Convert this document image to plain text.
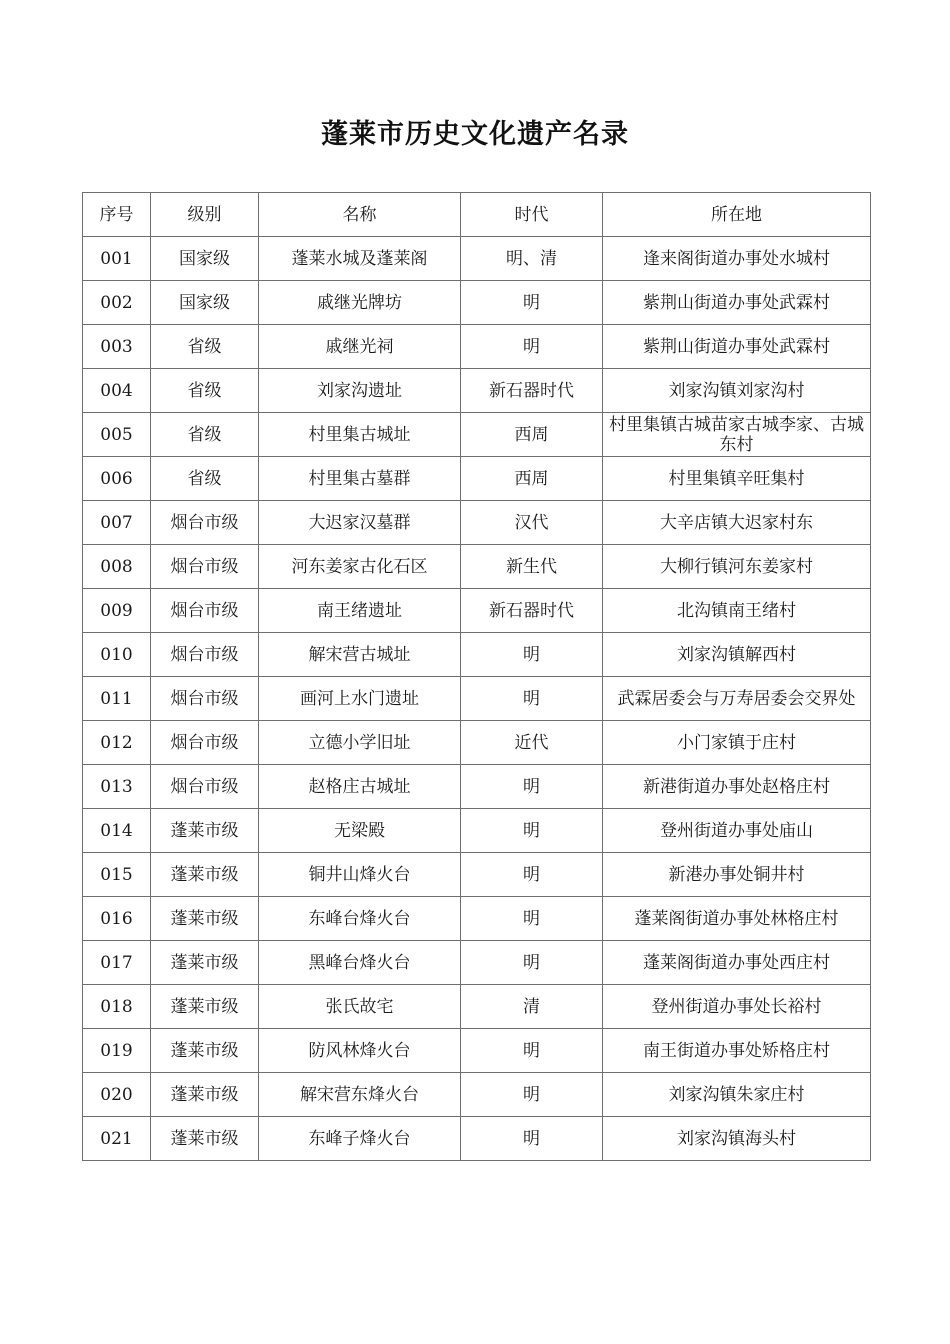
蓬莱市历史文化遗产名录
序号	级别	名称	时代	所在地
001	国家级	蓬莱水城及蓬莱阁	明、清	逢来阁街道办事处水城村
002	国家级	戚继光牌坊	明	紫荆山街道办事处武霖村
003	省级	戚继光祠	明	紫荆山街道办事处武霖村
004	省级	刘家沟遗址	新石器时代	刘家沟镇刘家沟村
005	省级	村里集古城址	西周	村里集镇古城苗家古城李家、古城东村
006	省级	村里集古墓群	西周	村里集镇辛旺集村
007	烟台市级	大迟家汉墓群	汉代	大辛店镇大迟家村东
008	烟台市级	河东姜家古化石区	新生代	大柳行镇河东姜家村
009	烟台市级	南王绪遗址	新石器时代	北沟镇南王绪村
010	烟台市级	解宋营古城址	明	刘家沟镇解西村
011	烟台市级	画河上水门遗址	明	武霖居委会与万寿居委会交界处
012	烟台市级	立德小学旧址	近代	小门家镇于庄村
013	烟台市级	赵格庄古城址	明	新港街道办事处赵格庄村
014	蓬莱市级	无梁殿	明	登州街道办事处庙山
015	蓬莱市级	铜井山烽火台	明	新港办事处铜井村
016	蓬莱市级	东峰台烽火台	明	蓬莱阁街道办事处林格庄村
017	蓬莱市级	黑峰台烽火台	明	蓬莱阁街道办事处西庄村
018	蓬莱市级	张氏故宅	清	登州街道办事处长裕村
019	蓬莱市级	防风林烽火台	明	南王街道办事处矫格庄村
020	蓬莱市级	解宋营东烽火台	明	刘家沟镇朱家庄村
021	蓬莱市级	东峰子烽火台	明	刘家沟镇海头村
